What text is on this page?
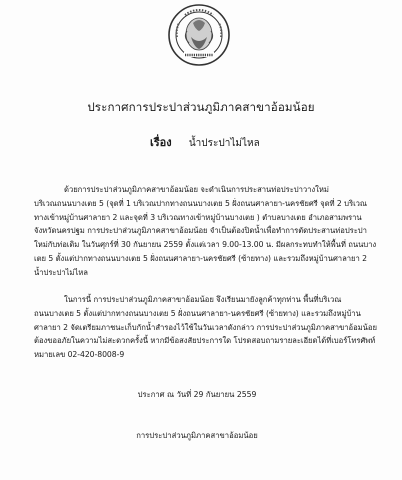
ประกาศการประปาส่วนภูมิภาคสาขาอ้อมน้อย
เรื่อง น้ำประปาไม่ไหล
ด้วยการประปาส่วนภูมิภาคสาขาอ้อมน้อย จะดำเนินการประสานท่อประปาวางใหม่
บริเวณถนนบางเตย 5 (จุดที่ 1 บริเวณปากทางถนนบางเตย 5 ฝั่งถนนศาลายา-นครชัยศรี จุดที่ 2 บริเวณ
ทางเข้าหมู่บ้านศาลายา 2 และจุดที่ 3 บริเวณทางเข้าหมู่บ้านบางเตย ) ตำบลบางเตย อำเภอสามพราน
จังหวัดนครปฐม การประปาส่วนภูมิภาคสาขาอ้อมน้อย จำเป็นต้องปิดน้ำเพื่อทำการตัดประสานท่อประปา
ใหม่กับท่อเดิม ในวันศุกร์ที่ 30 กันยายน 2559 ตั้งแต่เวลา 9.00-13.00 น. มีผลกระทบทำให้พื้นที่ ถนนบาง
เตย 5 ตั้งแต่ปากทางถนนบางเตย 5 ฝั่งถนนศาลายา-นครชัยศรี (ซ้ายทาง) และรวมถึงหมู่บ้านศาลายา 2
น้ำประปาไม่ไหล
ในการนี้ การประปาส่วนภูมิภาคสาขาอ้อมน้อย จึงเรียนมายังลูกค้าทุกท่าน พื้นที่บริเวณ
ถนนบางเตย 5 ตั้งแต่ปากทางถนนบางเตย 5 ฝั่งถนนศาลายา-นครชัยศรี (ซ้ายทาง) และรวมถึงหมู่บ้าน
ศาลายา 2 จัดเตรียมภาชนะเก็บกักน้ำสำรองไว้ใช้ในวันเวลาดังกล่าว การประปาส่วนภูมิภาคสาขาอ้อมน้อย
ต้องขออภัยในความไม่สะดวกครั้งนี้ หากมีข้อสงสัยประการใด โปรดสอบถามรายละเอียดได้ที่เบอร์โทรศัพท์
หมายเลข 02-420-8008-9
ประกาศ ณ วันที่ 29 กันยายน 2559
การประปาส่วนภูมิภาคสาขาอ้อมน้อย
